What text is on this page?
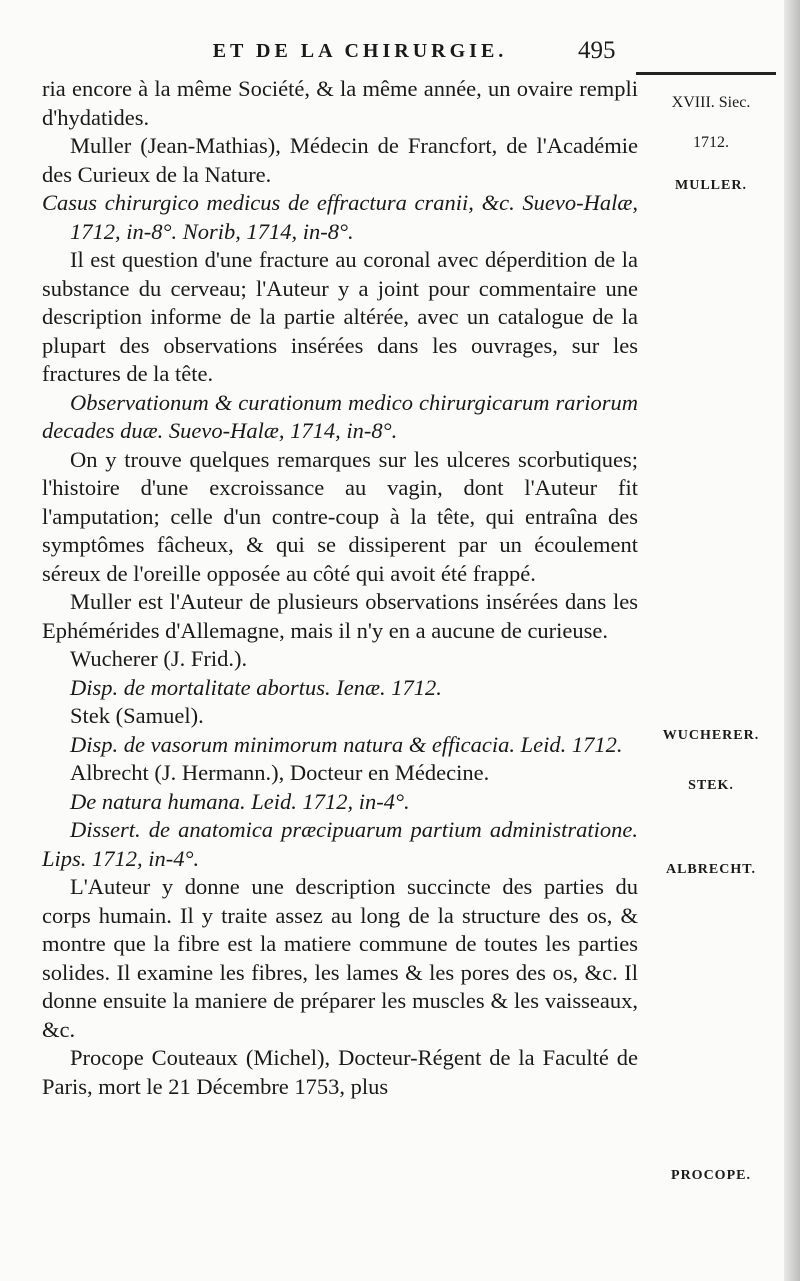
ET DE LA CHIRURGIE.	495
XVIII. Siec.
1712.
MULLER.
WUCHERER.
STEK.
ALBRECHT.
PROCOPE.

ria encore à la même Société, & la même année, un ovaire rempli d'hydatides.

Muller (Jean-Mathias), Médecin de Francfort, de l'Académie des Curieux de la Nature.

Casus chirurgico medicus de effractura cranii, &c. Suevo-Halæ, 1712, in-8°. Norib, 1714, in-8°.

Il est question d'une fracture au coronal avec déperdition de la substance du cerveau; l'Auteur y a joint pour commentaire une description informe de la partie altérée, avec un catalogue de la plupart des observations insérées dans les ouvrages, sur les fractures de la tête.

Observationum & curationum medico chirurgicarum rariorum decades duæ. Suevo-Halæ, 1714, in-8°.

On y trouve quelques remarques sur les ulceres scorbutiques; l'histoire d'une excroissance au vagin, dont l'Auteur fit l'amputation; celle d'un contre-coup à la tête, qui entraîna des symptômes fâcheux, & qui se dissiperent par un écoulement séreux de l'oreille opposée au côté qui avoit été frappé.

Muller est l'Auteur de plusieurs observations insérées dans les Ephémérides d'Allemagne, mais il n'y en a aucune de curieuse.

Wucherer (J. Frid.).

Disp. de mortalitate abortus. Ienæ. 1712.

Stek (Samuel).

Disp. de vasorum minimorum natura & efficacia. Leid. 1712.

Albrecht (J. Hermann.), Docteur en Médecine.

De natura humana. Leid. 1712, in-4°.

Dissert. de anatomica præcipuarum partium administratione. Lips. 1712, in-4°.

L'Auteur y donne une description succincte des parties du corps humain. Il y traite assez au long de la structure des os, & montre que la fibre est la matiere commune de toutes les parties solides. Il examine les fibres, les lames & les pores des os, &c. Il donne ensuite la maniere de préparer les muscles & les vaisseaux, &c.

Procope Couteaux (Michel), Docteur-Régent de la Faculté de Paris, mort le 21 Décembre 1753, plus
